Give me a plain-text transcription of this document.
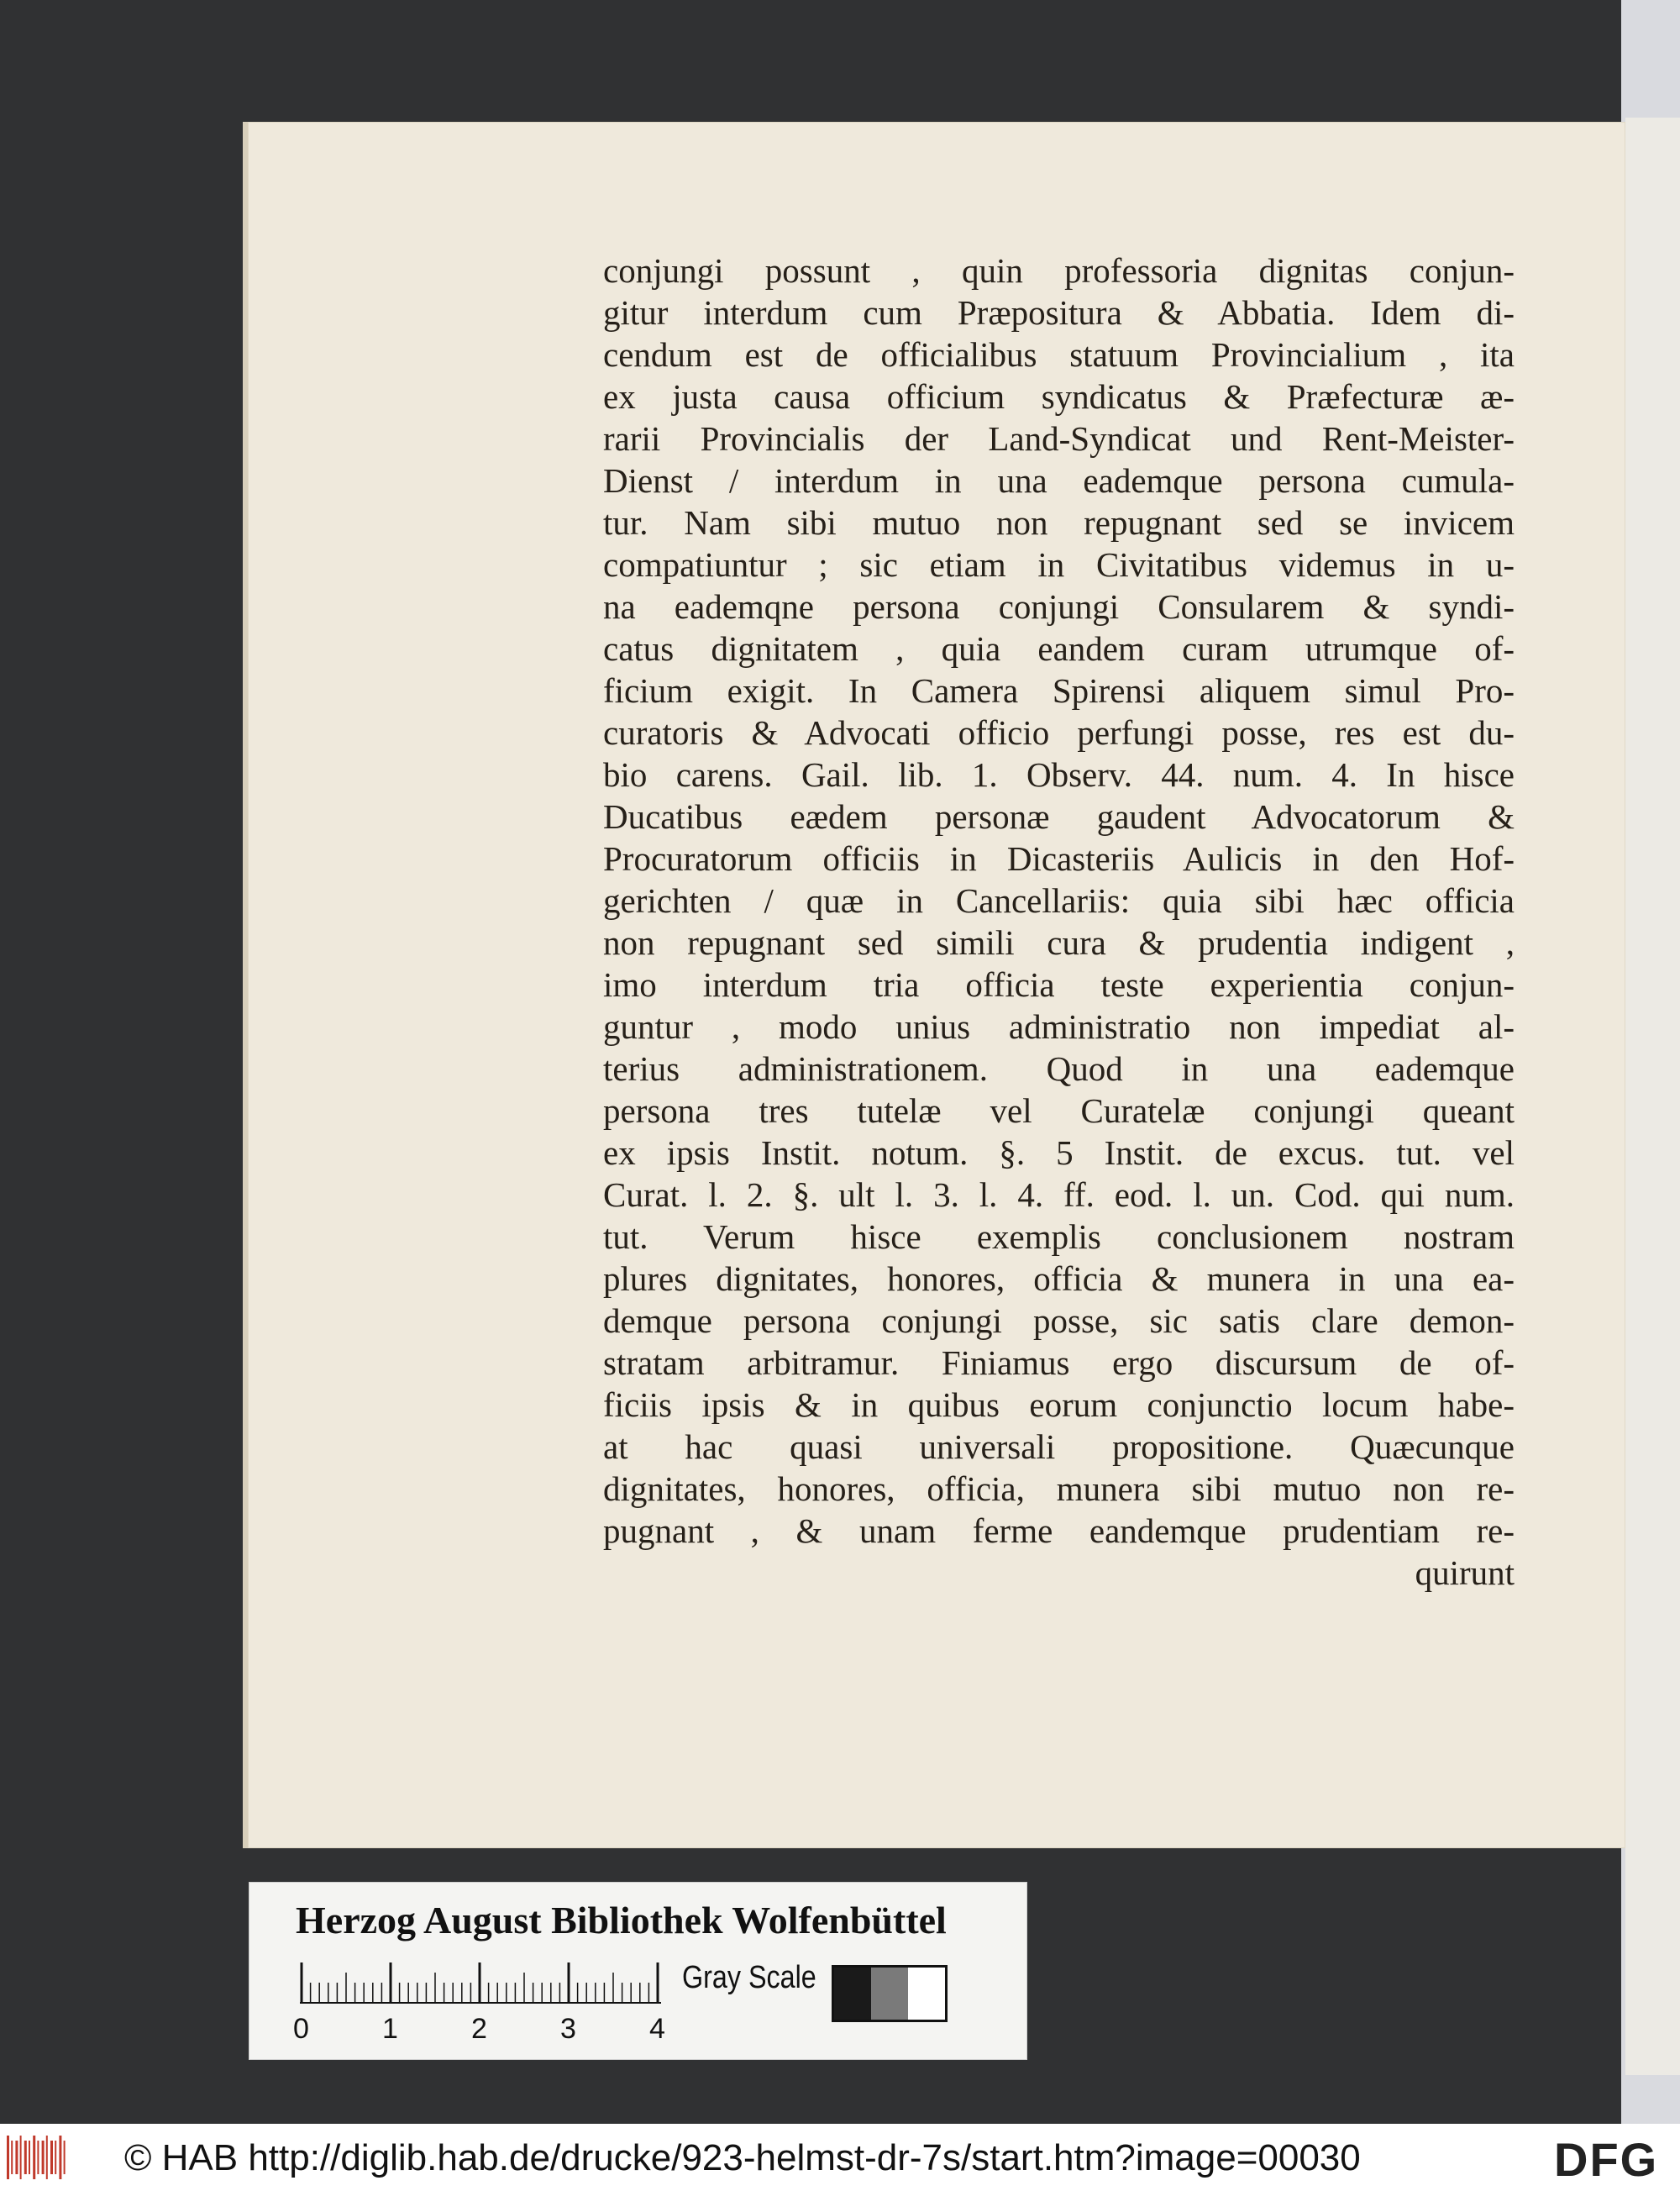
conjungi possunt , quin professoria dignitas conjun-
gitur interdum cum Præpositura & Abbatia. Idem di-
cendum est de officialibus statuum Provincialium , ita
ex justa causa officium syndicatus & Præfecturæ æ-
rarii Provincialis der Land-Syndicat und Rent-Meister-
Dienst / interdum in una eademque persona cumula-
tur. Nam sibi mutuo non repugnant sed se invicem
compatiuntur ; sic etiam in Civitatibus videmus in u-
na eademqne persona conjungi Consularem & syndi-
catus dignitatem , quia eandem curam utrumque of-
ficium exigit. In Camera Spirensi aliquem simul Pro-
curatoris & Advocati officio perfungi posse, res est du-
bio carens. Gail. lib. 1. Observ. 44. num. 4. In hisce
Ducatibus eædem personæ gaudent Advocatorum &
Procuratorum officiis in Dicasteriis Aulicis in den Hof-
gerichten / quæ in Cancellariis: quia sibi hæc officia
non repugnant sed simili cura & prudentia indigent ,
imo interdum tria officia teste experientia conjun-
guntur , modo unius administratio non impediat al-
terius administrationem. Quod in una eademque
persona tres tutelæ vel Curatelæ conjungi queant
ex ipsis Instit. notum. §. 5 Instit. de excus. tut. vel
Curat. l. 2. §. ult l. 3. l. 4. ff. eod. l. un. Cod. qui num.
tut. Verum hisce exemplis conclusionem nostram
plures dignitates, honores, officia & munera in una ea-
demque persona conjungi posse, sic satis clare demon-
stratam arbitramur. Finiamus ergo discursum de of-
ficiis ipsis & in quibus eorum conjunctio locum habe-
at hac quasi universali propositione. Quæcunque
dignitates, honores, officia, munera sibi mutuo non re-
pugnant , & unam ferme eandemque prudentiam re-
quirunt
Herzog August Bibliothek Wolfenbüttel
0	1	2	3	4
Gray Scale
© HAB http://diglib.hab.de/drucke/923-helmst-dr-7s/start.htm?image=00030	DFG
